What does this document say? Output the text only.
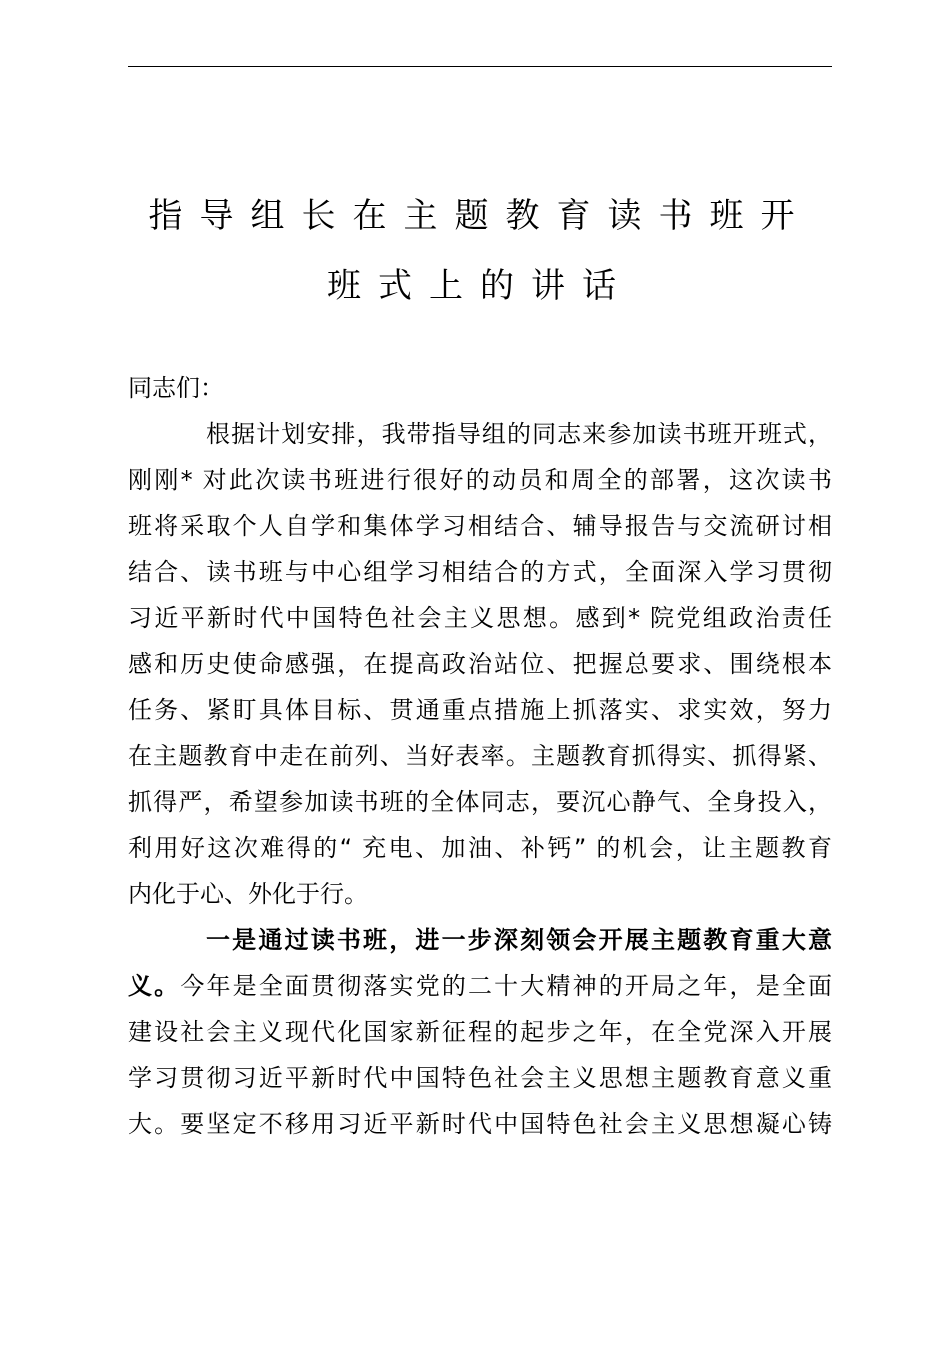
指导组长在主题教育读书班开
班式上的讲话
同志们：
根据计划安排，我带指导组的同志来参加读书班开班式，
刚刚* 对此次读书班进行很好的动员和周全的部署，这次读书
班将采取个人自学和集体学习相结合、辅导报告与交流研讨相
结合、读书班与中心组学习相结合的方式，全面深入学习贯彻
习近平新时代中国特色社会主义思想。感到* 院党组政治责任
感和历史使命感强，在提高政治站位、把握总要求、围绕根本
任务、紧盯具体目标、贯通重点措施上抓落实、求实效，努力
在主题教育中走在前列、当好表率。主题教育抓得实、抓得紧、
抓得严，希望参加读书班的全体同志，要沉心静气、全身投入，
利用好这次难得的“ 充电、加油、补钙” 的机会，让主题教育
内化于心、外化于行。
一是通过读书班，进一步深刻领会开展主题教育重大意
义。今年是全面贯彻落实党的二十大精神的开局之年，是全面
建设社会主义现代化国家新征程的起步之年，在全党深入开展
学习贯彻习近平新时代中国特色社会主义思想主题教育意义重
大。要坚定不移用习近平新时代中国特色社会主义思想凝心铸
